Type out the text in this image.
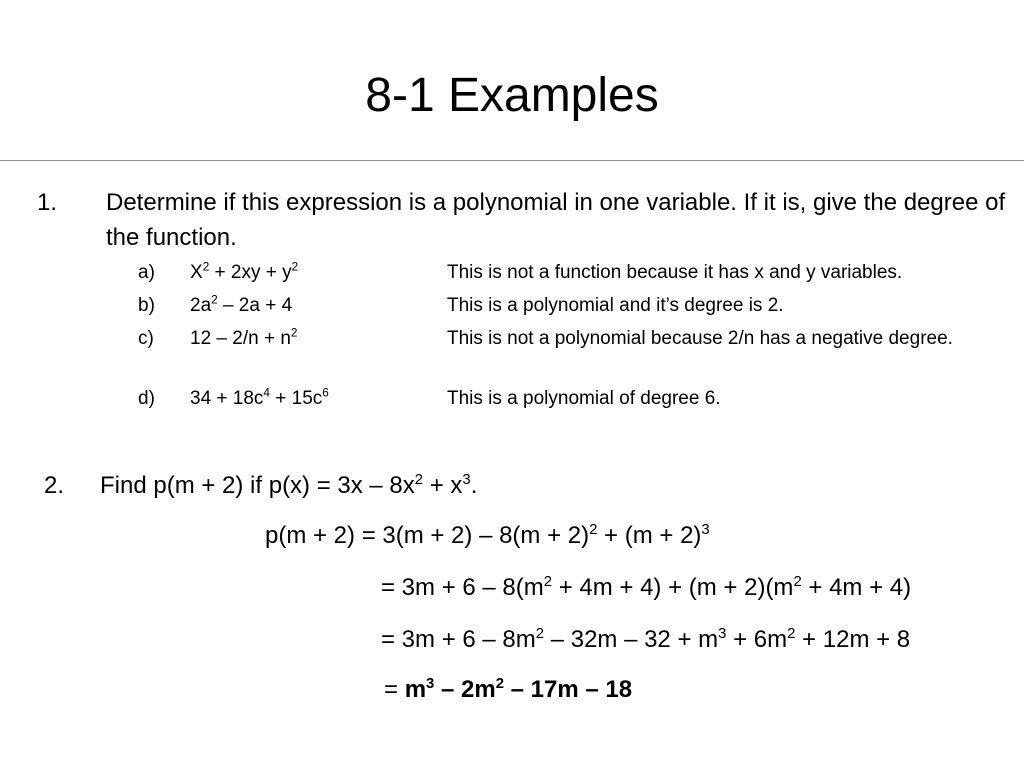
8-1 Examples
1. Determine if this expression is a polynomial in one variable. If it is, give the degree of the function.
a) $X^2 + 2xy + y^2$	This is not a function because it has x and y variables.
b) $2a^2 - 2a + 4$	This is a polynomial and it’s degree is 2.
c) $12 - 2/n + n^2$	This is not a polynomial because 2/n has a negative degree.
d) $34 + 18c^4 + 15c^6$	This is a polynomial of degree 6.
2. Find p(m + 2) if $p(x) = 3x - 8x^2 + x^3$.
$p(m + 2) = 3(m + 2) - 8(m + 2)^2 + (m + 2)^3$
= $3m + 6 - 8(m^2 + 4m + 4) + (m + 2)(m^2 + 4m + 4)$
= $3m + 6 - 8m^2 - 32m - 32 + m^3 + 6m^2 + 12m + 8$
= $m^3 - 2m^2 - 17m - 18$
